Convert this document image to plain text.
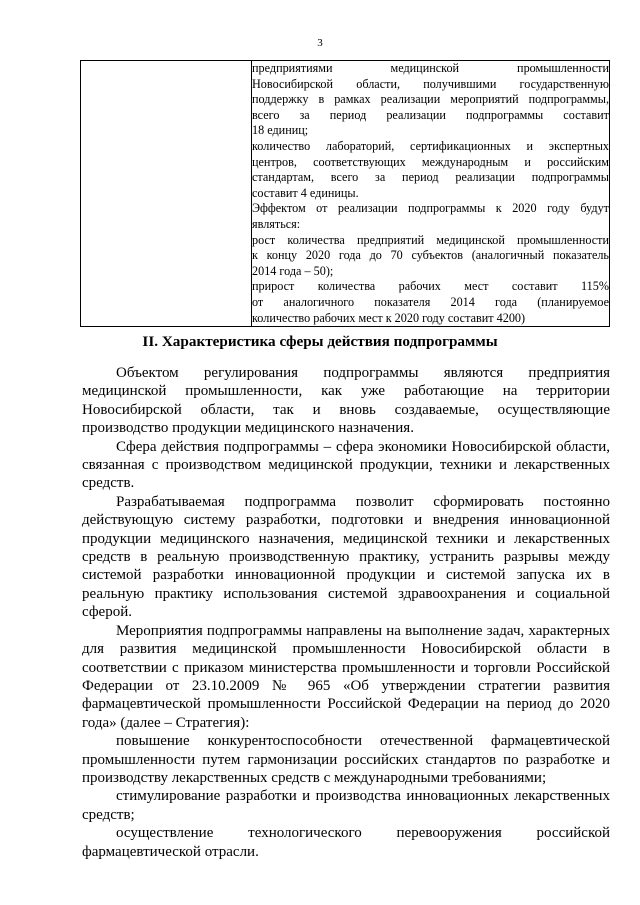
3

предприятиями медицинской промышленности

Новосибирской области, получившими государственную

поддержку в рамках реализации мероприятий подпрограммы,

всего за период реализации подпрограммы составит

18 единиц;

количество лабораторий, сертификационных и экспертных

центров, соответствующих международным и российским

стандартам, всего за период реализации подпрограммы

составит 4 единицы.

Эффектом от реализации подпрограммы к 2020 году будут

являться:

рост количества предприятий медицинской промышленности

к концу 2020 года до 70 субъектов (аналогичный показатель

2014 года – 50);

прирост количества рабочих мест составит 115%

от аналогичного показателя 2014 года (планируемое

количество рабочих мест к 2020 году составит 4200)

II. Характеристика сферы действия подпрограммы

Объектом регулирования подпрограммы являются предприятия медицинской промышленности, как уже работающие на территории Новосибирской области, так и вновь создаваемые, осуществляющие производство продукции медицинского назначения.

Сфера действия подпрограммы – сфера экономики Новосибирской области, связанная с производством медицинской продукции, техники и лекарственных средств.

Разрабатываемая подпрограмма позволит сформировать постоянно действующую систему разработки, подготовки и внедрения инновационной продукции медицинского назначения, медицинской техники и лекарственных средств в реальную производственную практику, устранить разрывы между системой разработки инновационной продукции и системой запуска их в реальную практику использования системой здравоохранения и социальной сферой.

Мероприятия подпрограммы направлены на выполнение задач, характерных для развития медицинской промышленности Новосибирской области в соответствии с приказом министерства промышленности и торговли Российской Федерации от 23.10.2009 № 965 «Об утверждении стратегии развития фармацевтической промышленности Российской Федерации на период до 2020 года» (далее – Стратегия):

повышение конкурентоспособности отечественной фармацевтической промышленности путем гармонизации российских стандартов по разработке и производству лекарственных средств с международными требованиями;

стимулирование разработки и производства инновационных лекарственных средств;

осуществление технологического перевооружения российской фармацевтической отрасли.
